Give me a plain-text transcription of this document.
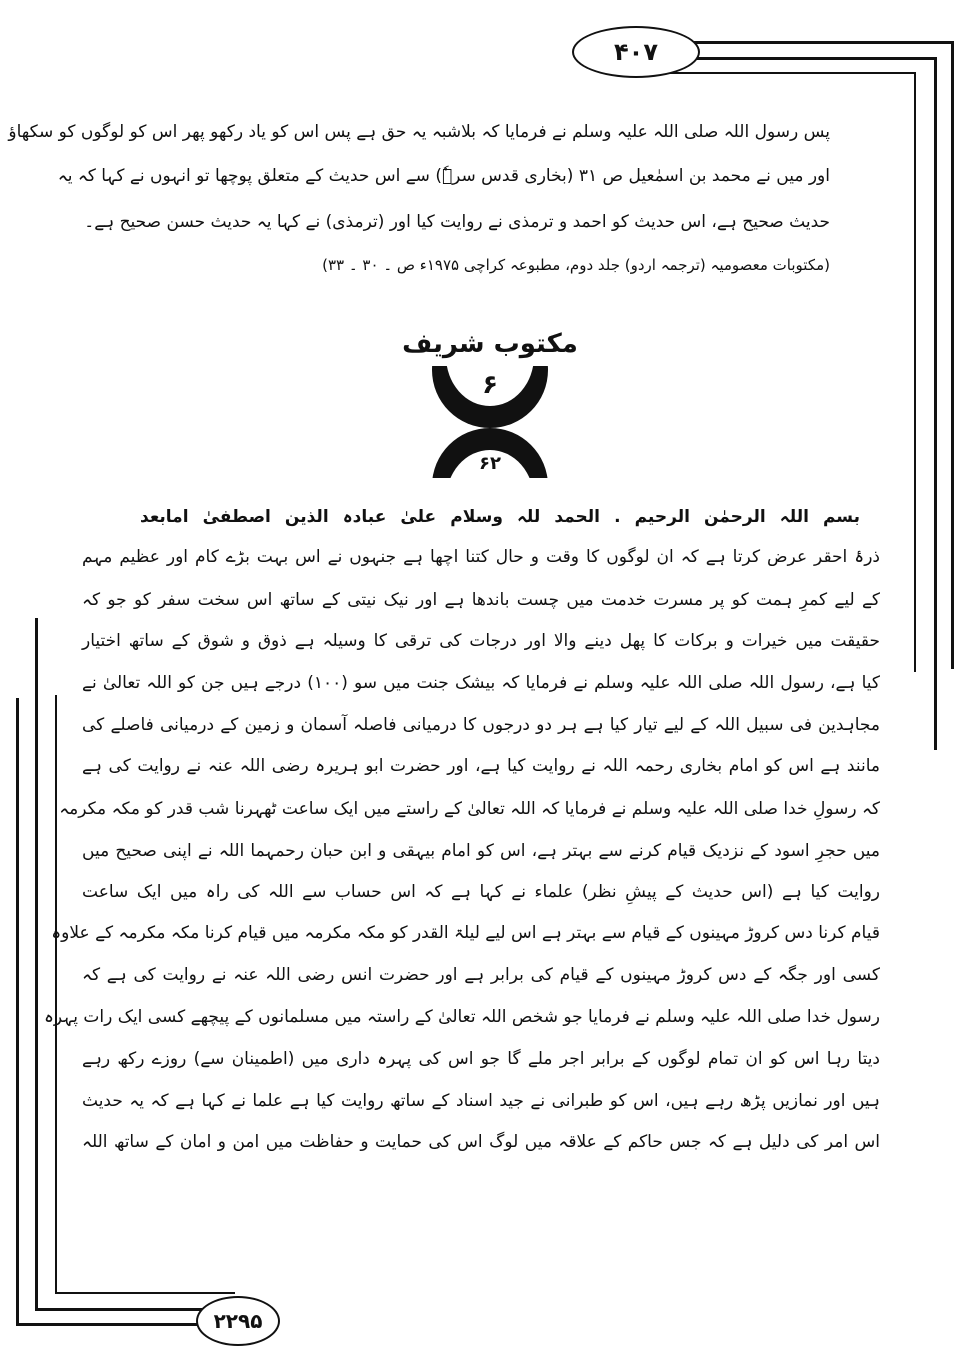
۴۰۷
۲۲۹۵
پس رسول اللہ صلی اللہ علیہ وسلم نے فرمایا کہ بلاشبہ یہ حق ہے پس اس کو یاد رکھو پھر اس کو لوگوں کو سکھاؤ
اور میں نے محمد بن اسمٰعیل ص ۳۱ (بخاری قدس سرہٗ) سے اس حدیث کے متعلق پوچھا تو انہوں نے کہا کہ یہ
حدیث صحیح ہے، اس حدیث کو احمد و ترمذی نے روایت کیا اور (ترمذی) نے کہا یہ حدیث حسن صحیح ہے۔
(مکتوبات معصومیہ (ترجمہ اردو) جلد دوم، مطبوعہ کراچی ۱۹۷۵ء ص ۔ ۳۰ ۔ ۳۳)
مکتوب شریف
۶
۶۲
بسم اللہ الرحمٰن الرحیم . الحمد للہ وسلام علیٰ عبادہ الذین اصطفیٰ امابعد
ذرۂ احقر عرض کرتا ہے کہ ان لوگوں کا وقت و حال کتنا اچھا ہے جنہوں نے اس بہت بڑے کام اور عظیم مہم
کے لیے کمرِ ہمت کو پر مسرت خدمت میں چست باندھا ہے اور نیک نیتی کے ساتھ اس سخت سفر کو جو کہ
حقیقت میں خیرات و برکات کا پھل دینے والا اور درجات کی ترقی کا وسیلہ ہے ذوق و شوق کے ساتھ اختیار
کیا ہے، رسول اللہ صلی اللہ علیہ وسلم نے فرمایا کہ بیشک جنت میں سو (۱۰۰) درجے ہیں جن کو اللہ تعالیٰ نے
مجاہدین فی سبیل اللہ کے لیے تیار کیا ہے ہر دو درجوں کا درمیانی فاصلہ آسمان و زمین کے درمیانی فاصلے کی
مانند ہے اس کو امام بخاری رحمہ اللہ نے روایت کیا ہے، اور حضرت ابو ہریرہ رضی اللہ عنہ نے روایت کی ہے
کہ رسولِ خدا صلی اللہ علیہ وسلم نے فرمایا کہ اللہ تعالیٰ کے راستے میں ایک ساعت ٹھہرنا شب قدر کو مکہ مکرمہ
میں حجرِ اسود کے نزدیک قیام کرنے سے بہتر ہے، اس کو امام بیہقی و ابن حبان رحمہما اللہ نے اپنی صحیح میں
روایت کیا ہے (اس حدیث کے پیشِ نظر) علماء نے کہا ہے کہ اس حساب سے اللہ کی راہ میں ایک ساعت
قیام کرنا دس کروڑ مہینوں کے قیام سے بہتر ہے اس لیے لیلۃ القدر کو مکہ مکرمہ میں قیام کرنا مکہ مکرمہ کے علاوہ
کسی اور جگہ کے دس کروڑ مہینوں کے قیام کی برابر ہے اور حضرت انس رضی اللہ عنہ نے روایت کی ہے کہ
رسول خدا صلی اللہ علیہ وسلم نے فرمایا جو شخص اللہ تعالیٰ کے راستہ میں مسلمانوں کے پیچھے کسی ایک رات پہرہ
دیتا رہا اس کو ان تمام لوگوں کے برابر اجر ملے گا جو اس کی پہرہ داری میں (اطمینان سے) روزے رکھ رہے
ہیں اور نمازیں پڑھ رہے ہیں، اس کو طبرانی نے جید اسناد کے ساتھ روایت کیا ہے علما نے کہا ہے کہ یہ حدیث
اس امر کی دلیل ہے کہ جس حاکم کے علاقہ میں لوگ اس کی حمایت و حفاظت میں امن و امان کے ساتھ اللہ
